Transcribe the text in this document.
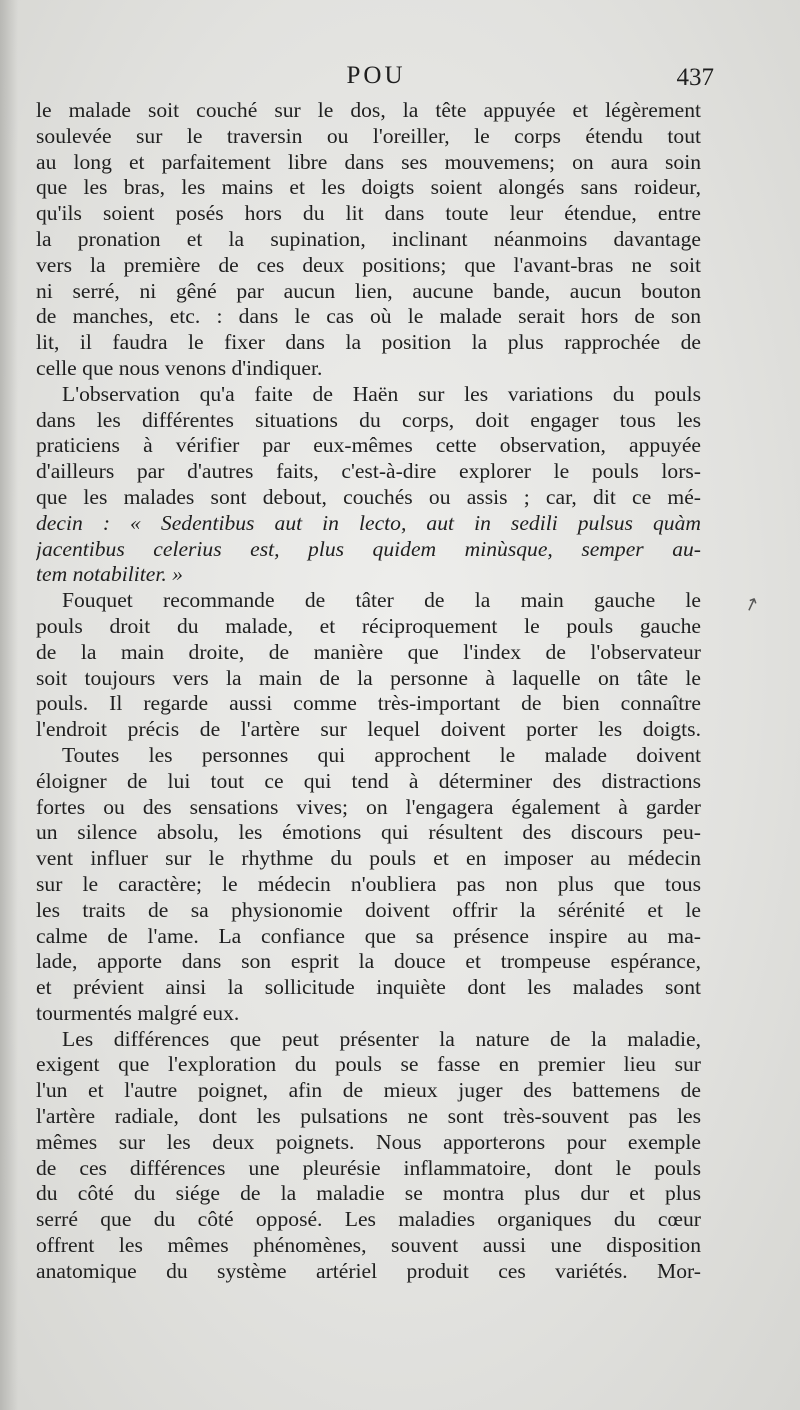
POU	437
le malade soit couché sur le dos, la tête appuyée et légèrement
soulevée sur le traversin ou l'oreiller, le corps étendu tout
au long et parfaitement libre dans ses mouvemens; on aura soin
que les bras, les mains et les doigts soient alongés sans roideur,
qu'ils soient posés hors du lit dans toute leur étendue, entre
la pronation et la supination, inclinant néanmoins davantage
vers la première de ces deux positions; que l'avant-bras ne soit
ni serré, ni gêné par aucun lien, aucune bande, aucun bouton
de manches, etc. : dans le cas où le malade serait hors de son
lit, il faudra le fixer dans la position la plus rapprochée de
celle que nous venons d'indiquer.
L'observation qu'a faite de Haën sur les variations du pouls
dans les différentes situations du corps, doit engager tous les
praticiens à vérifier par eux-mêmes cette observation, appuyée
d'ailleurs par d'autres faits, c'est-à-dire explorer le pouls lors-
que les malades sont debout, couchés ou assis ; car, dit ce mé-
decin : « Sedentibus aut in lecto, aut in sedili pulsus quàm
jacentibus celerius est, plus quidem minùsque, semper au-
tem notabiliter. »
Fouquet recommande de tâter de la main gauche le
pouls droit du malade, et réciproquement le pouls gauche
de la main droite, de manière que l'index de l'observateur
soit toujours vers la main de la personne à laquelle on tâte le
pouls. Il regarde aussi comme très-important de bien connaître
l'endroit précis de l'artère sur lequel doivent porter les doigts.
Toutes les personnes qui approchent le malade doivent
éloigner de lui tout ce qui tend à déterminer des distractions
fortes ou des sensations vives; on l'engagera également à garder
un silence absolu, les émotions qui résultent des discours peu-
vent influer sur le rhythme du pouls et en imposer au médecin
sur le caractère; le médecin n'oubliera pas non plus que tous
les traits de sa physionomie doivent offrir la sérénité et le
calme de l'ame. La confiance que sa présence inspire au ma-
lade, apporte dans son esprit la douce et trompeuse espérance,
et prévient ainsi la sollicitude inquiète dont les malades sont
tourmentés malgré eux.
Les différences que peut présenter la nature de la maladie,
exigent que l'exploration du pouls se fasse en premier lieu sur
l'un et l'autre poignet, afin de mieux juger des battemens de
l'artère radiale, dont les pulsations ne sont très-souvent pas les
mêmes sur les deux poignets. Nous apporterons pour exemple
de ces différences une pleurésie inflammatoire, dont le pouls
du côté du siége de la maladie se montra plus dur et plus
serré que du côté opposé. Les maladies organiques du cœur
offrent les mêmes phénomènes, souvent aussi une disposition
anatomique du système artériel produit ces variétés. Mor-
↗
